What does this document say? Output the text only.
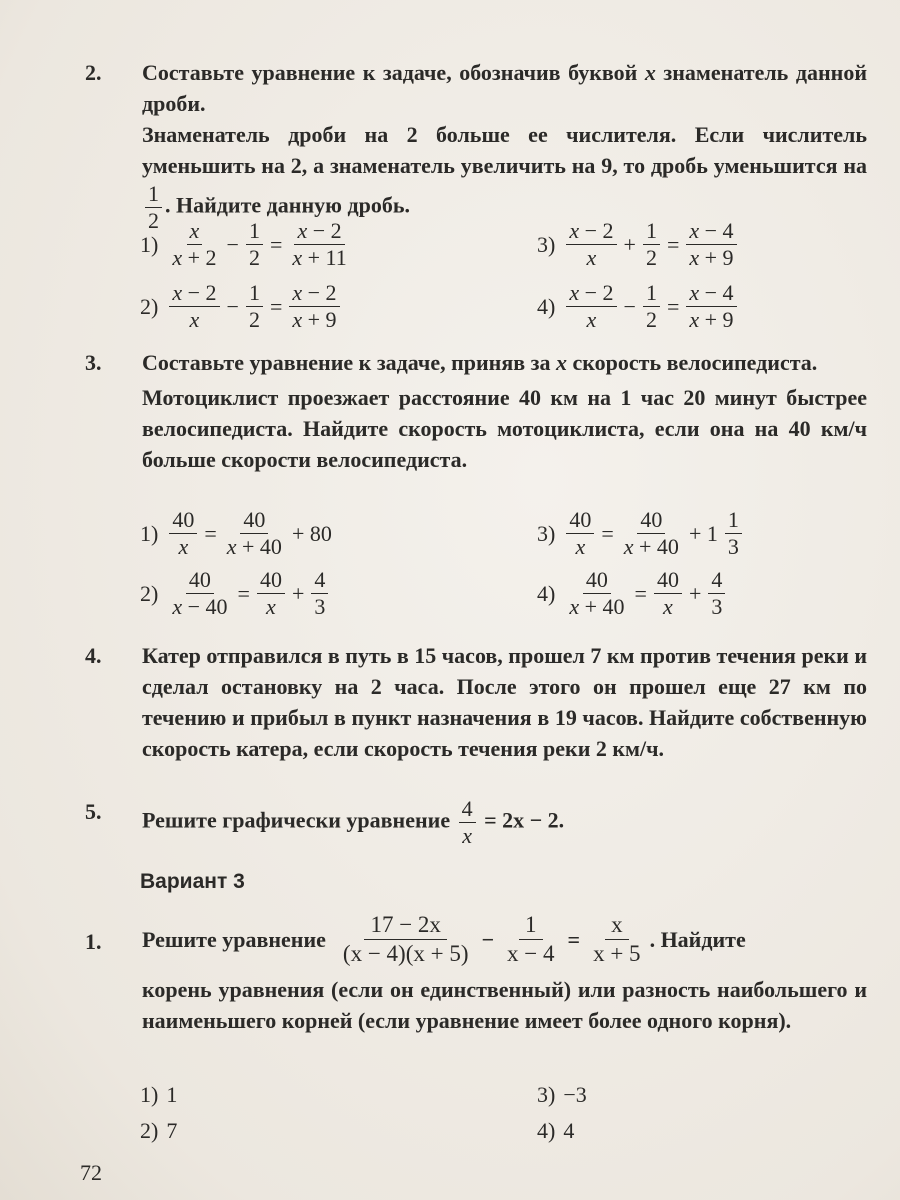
2. Составьте уравнение к задаче, обозначив буквой x знаменатель данной дроби.

Знаменатель дроби на 2 больше ее числителя. Если числитель уменьшить на 2, а знаменатель увеличить на 9, то дробь уменьшится на
$\frac{1}{2}$ . Найдите данную дробь.

$1) \frac{x}{x + 2} - \frac{1}{2} = \frac{x - 2}{x + 11}$
$2) \frac{x - 2}{x} - \frac{1}{2} = \frac{x - 2}{x + 9}$
$3) \frac{x - 2}{x} + \frac{1}{2} = \frac{x - 4}{x + 9}$
$4) \frac{x - 2}{x} - \frac{1}{2} = \frac{x - 4}{x + 9}$
3. Составьте уравнение к задаче, приняв за x скорость велосипедиста.

Мотоциклист проезжает расстояние 40 км на 1 час 20 минут быстрее велосипедиста. Найдите скорость мотоциклиста, если она на 40 км/ч больше скорости велосипедиста.

$1) \frac{40}{x} = \frac{40}{x + 40} + 80$
$2) \frac{40}{x - 40} = \frac{40}{x} + \frac{4}{3}$
$3) \frac{40}{x} = \frac{40}{x + 40} + 1 \frac{1}{3}$
$4) \frac{40}{x + 40} = \frac{40}{x} + \frac{4}{3}$
4. Катер отправился в путь в 15 часов, прошел 7 км против течения реки и сделал остановку на 2 часа. После этого он прошел еще 27 км по течению и прибыл в пункт назначения в 19 часов. Найдите собственную скорость катера, если скорость течения реки 2 км/ч.

5. Решите графически уравнение $\frac{4}{x} = 2x - 2$.

Вариант 3
1. Решите уравнение $\frac{17 - 2x}{(x - 4)(x + 5)} - \frac{1}{x - 4} = \frac{x}{x + 5}$ . Найдите

корень уравнения (если он единственный) или разность наибольшего и наименьшего корней (если уравнение имеет более одного корня).

1) 1
2) 7
3) −3
4) 4
72
